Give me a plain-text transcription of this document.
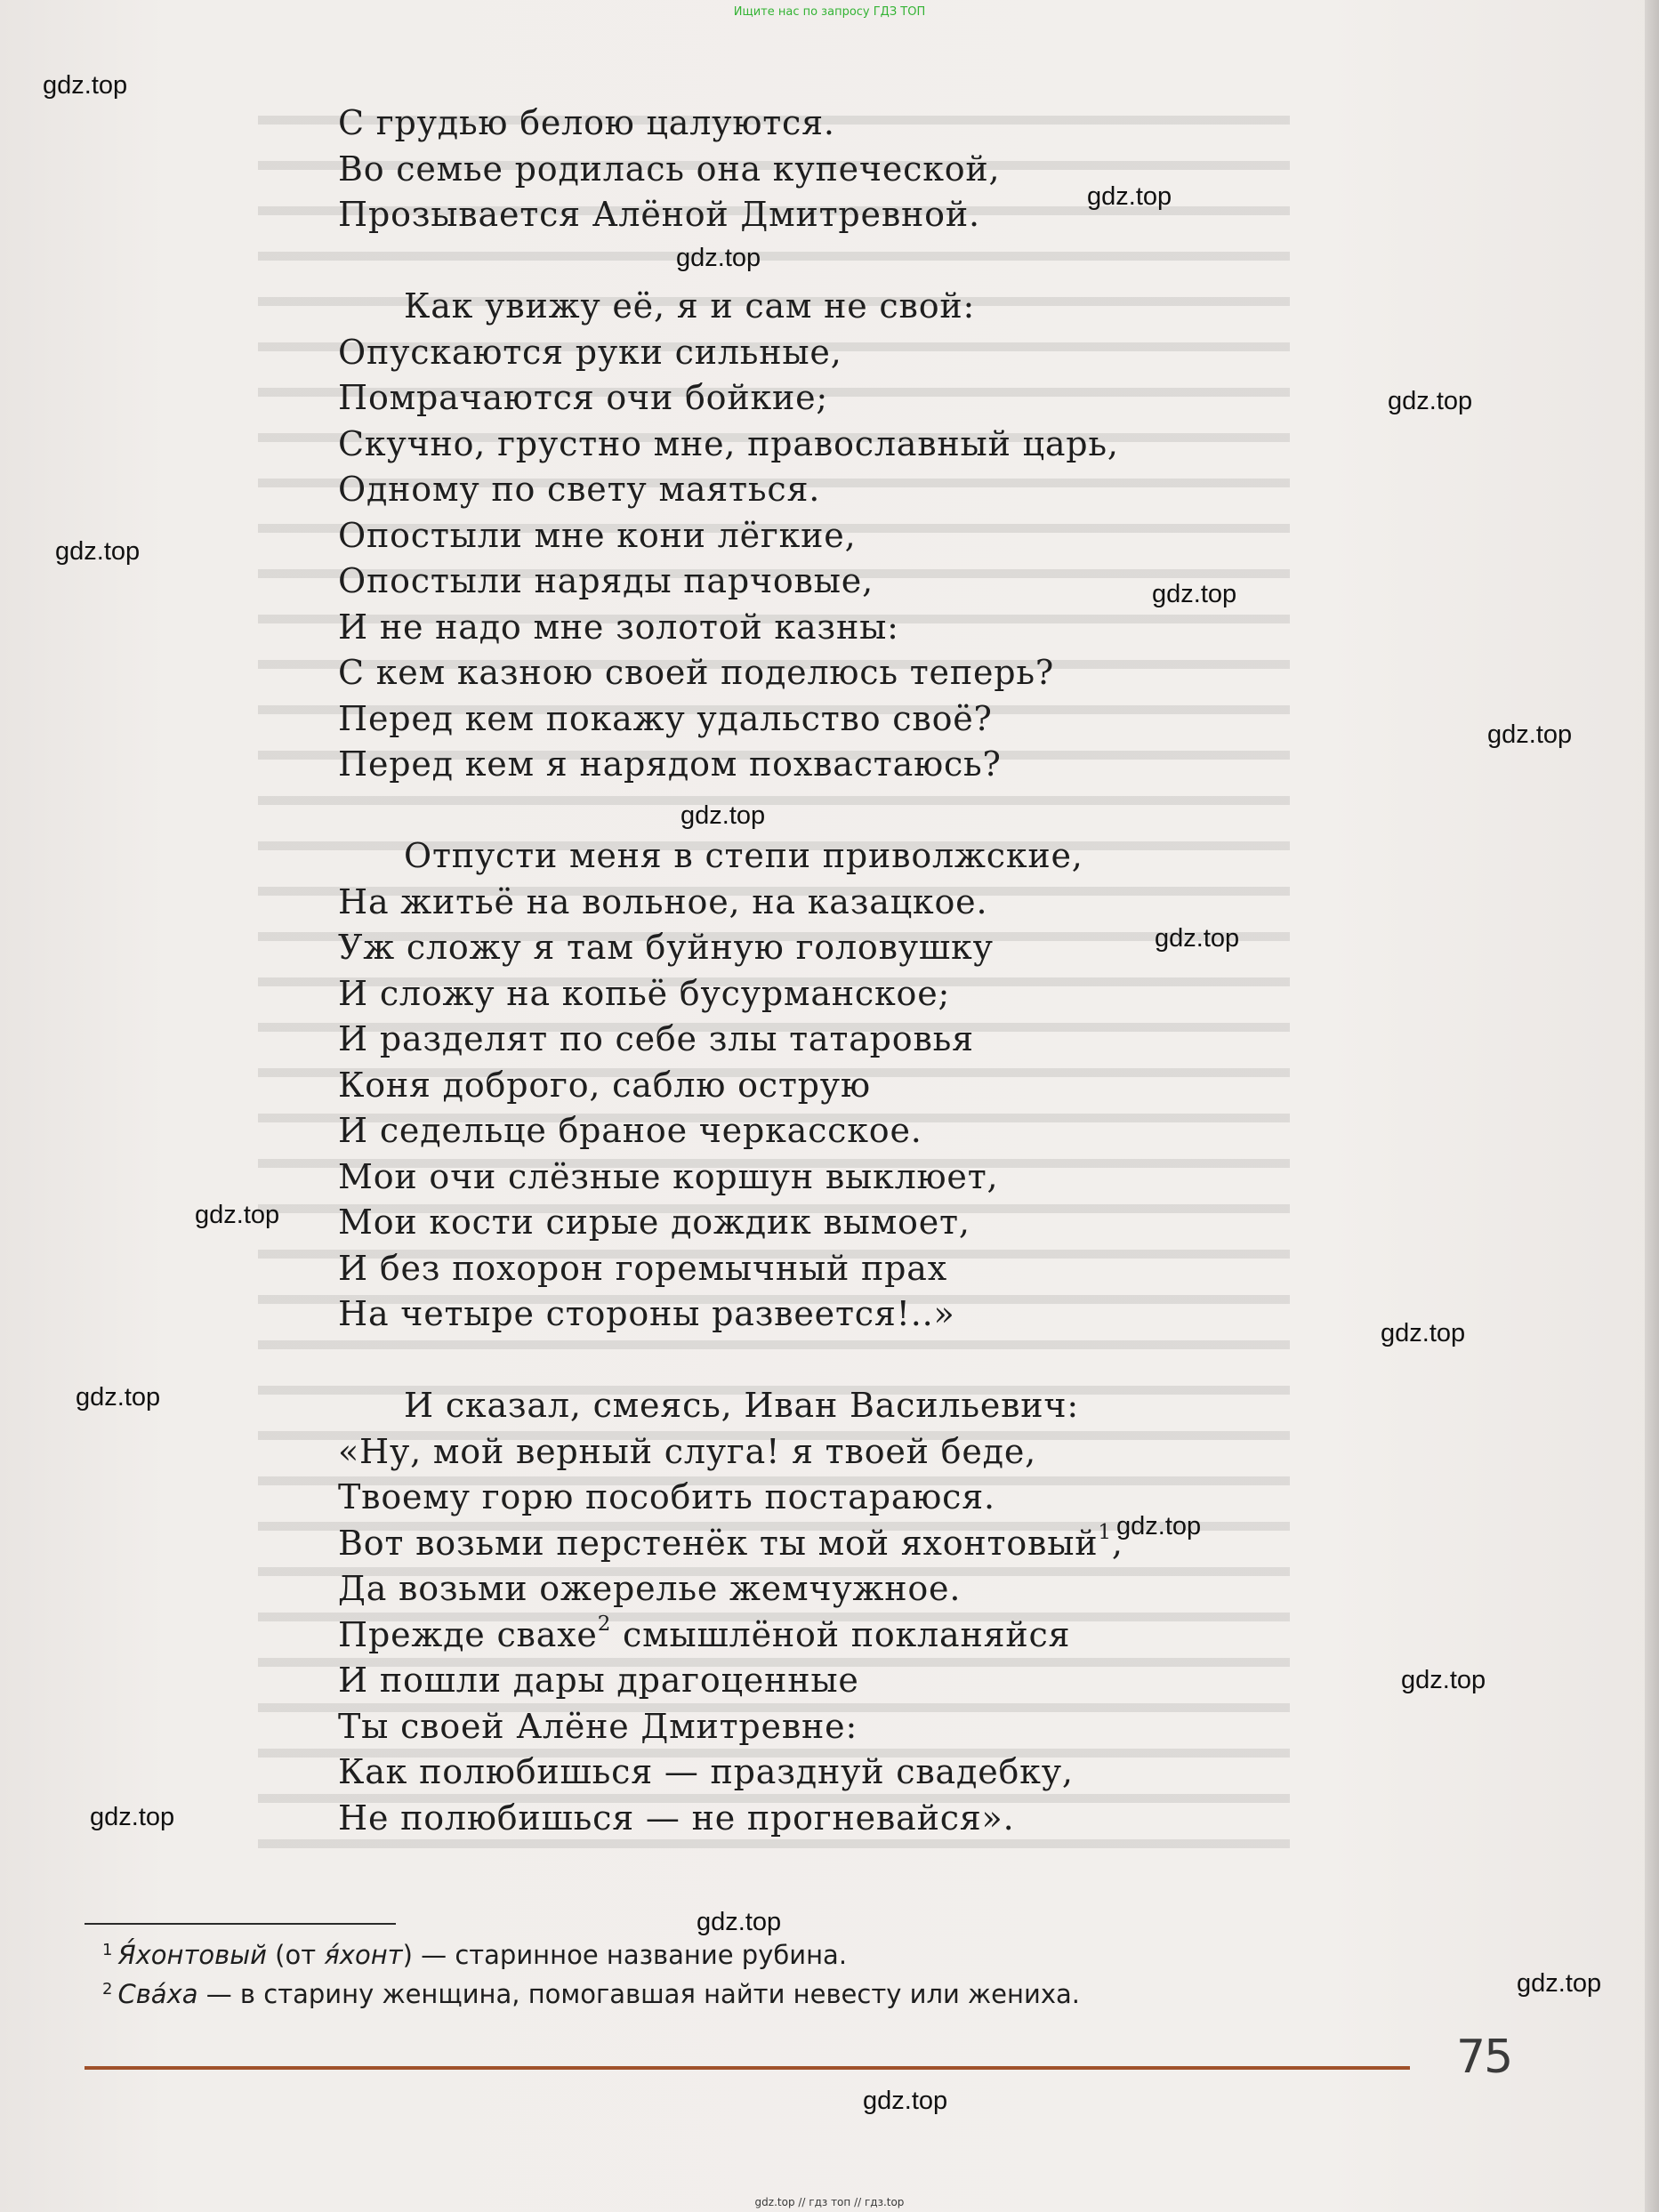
Ищите нас по запросу ГДЗ ТОП
С грудью белою цалуются.
Во семье родилась она купеческой,
Прозывается Алёной Дмитревной.
Как увижу её, я и сам не свой:
Опускаются руки сильные,
Помрачаются очи бойкие;
Скучно, грустно мне, православный царь,
Одному по свету маяться.
Опостыли мне кони лёгкие,
Опостыли наряды парчовые,
И не надо мне золотой казны:
С кем казною своей поделюсь теперь?
Перед кем покажу удальство своё?
Перед кем я нарядом похвастаюсь?
Отпусти меня в степи приволжские,
На житьё на вольное, на казацкое.
Уж сложу я там буйную головушку
И сложу на копьё бусурманское;
И разделят по себе злы татаровья
Коня доброго, саблю острую
И седельце браное черкасское.
Мои очи слёзные коршун выклюет,
Мои кости сирые дождик вымоет,
И без похорон горемычный прах
На четыре стороны развеется!..»
И сказал, смеясь, Иван Васильевич:
«Ну, мой верный слуга! я твоей беде,
Твоему горю пособить постараюся.
Вот возьми перстенёк ты мой яхонтовый$^1$,
Да возьми ожерелье жемчужное.
Прежде свахе$^2$ смышлёной покланяйся
И пошли дары драгоценные
Ты своей Алёне Дмитревне:
Как полюбишься — празднуй свадебку,
Не полюбишься — не прогневайся».
$^1$ Я́хонтовый (от я́хонт) — старинное название рубина.
$^2$ Сва́ха — в старину женщина, помогавшая найти невесту или жениха.
75
gdz.top
gdz.top
gdz.top
gdz.top
gdz.top
gdz.top
gdz.top
gdz.top
gdz.top
gdz.top
gdz.top
gdz.top
gdz.top
gdz.top
gdz.top
gdz.top
gdz.top
gdz.top
gdz.top // гдз топ // гдз.top
